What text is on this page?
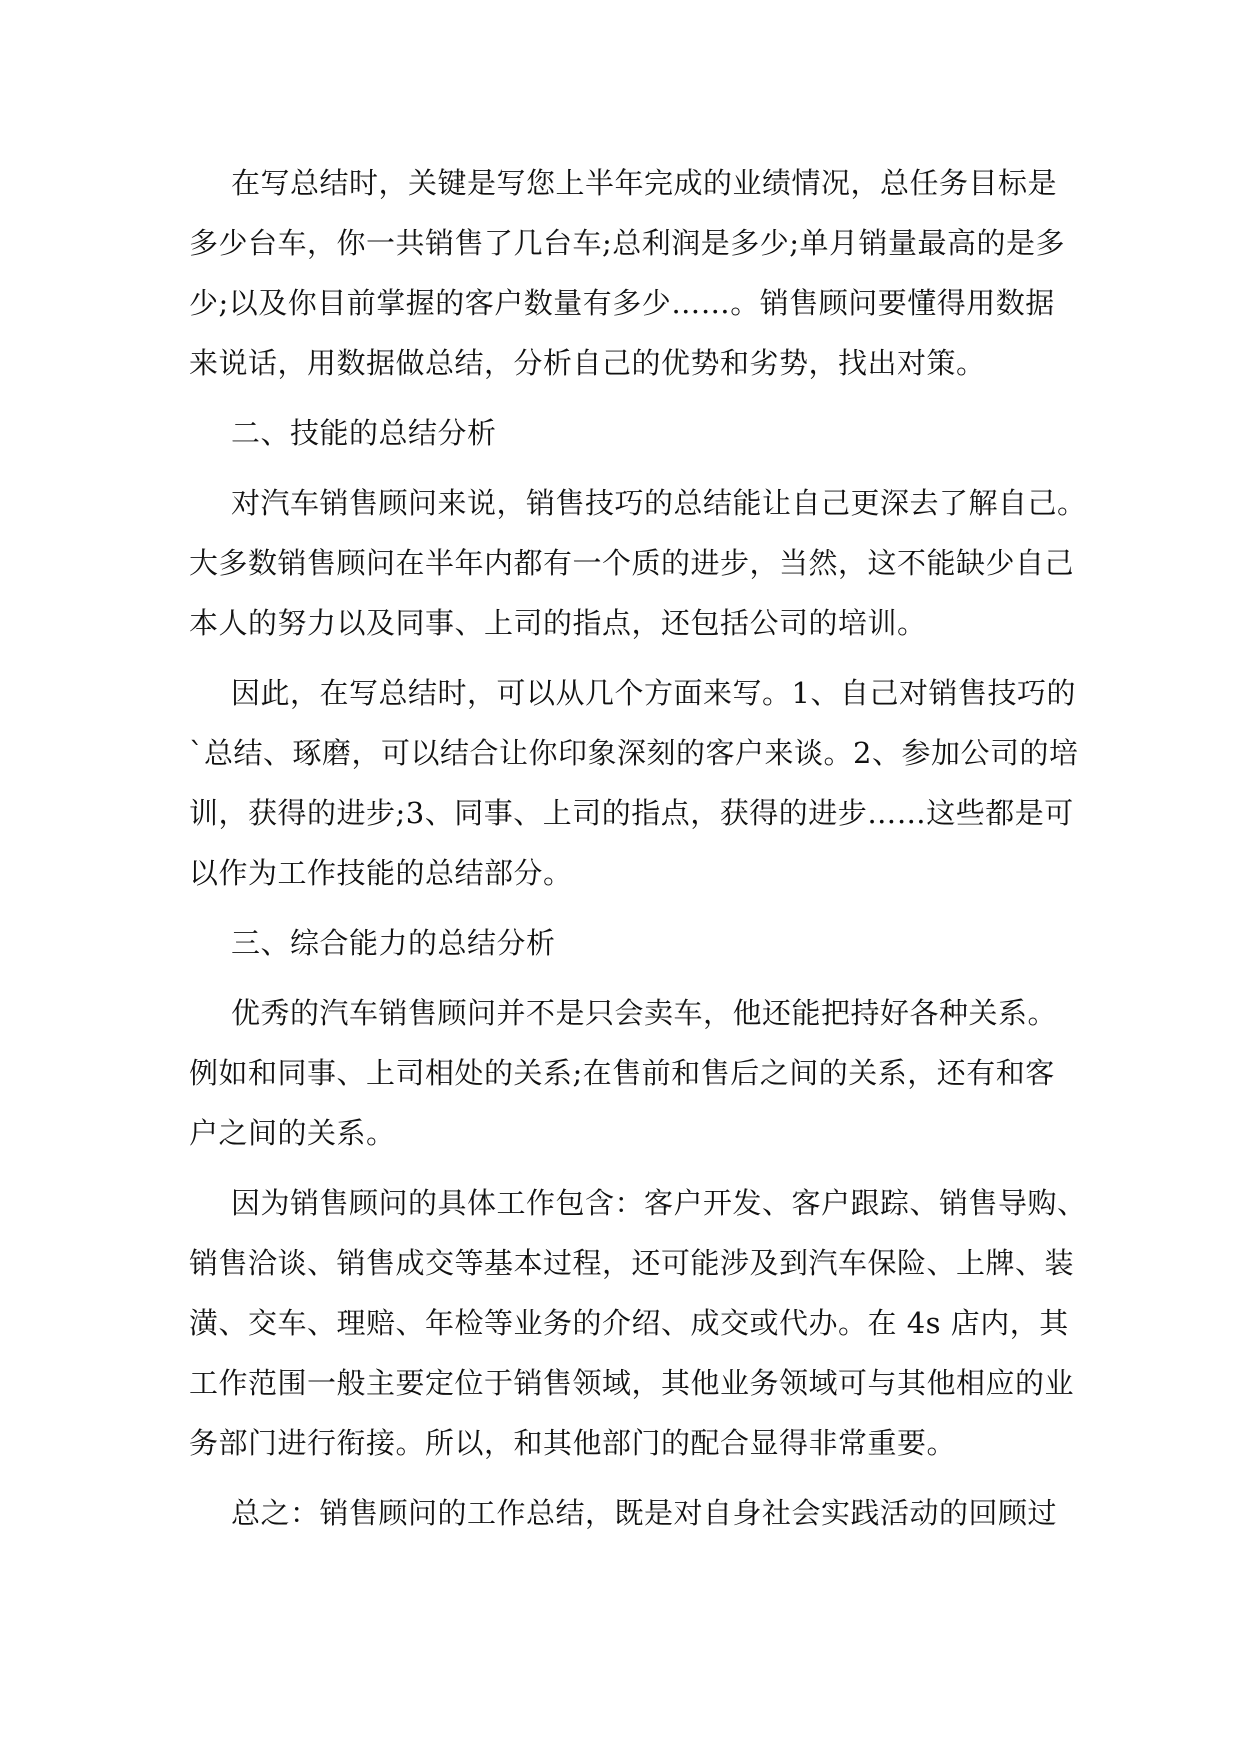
在写总结时，关键是写您上半年完成的业绩情况，总任务目标是
多少台车，你一共销售了几台车;总利润是多少;单月销量最高的是多
少;以及你目前掌握的客户数量有多少……。销售顾问要懂得用数据
来说话，用数据做总结，分析自己的优势和劣势，找出对策。

二、技能的总结分析

对汽车销售顾问来说，销售技巧的总结能让自己更深去了解自己。
大多数销售顾问在半年内都有一个质的进步，当然，这不能缺少自己
本人的努力以及同事、上司的指点，还包括公司的培训。

因此，在写总结时，可以从几个方面来写。1、自己对销售技巧的
`总结、琢磨，可以结合让你印象深刻的客户来谈。2、参加公司的培
训，获得的进步;3、同事、上司的指点，获得的进步……这些都是可
以作为工作技能的总结部分。

三、综合能力的总结分析

优秀的汽车销售顾问并不是只会卖车，他还能把持好各种关系。
例如和同事、上司相处的关系;在售前和售后之间的关系，还有和客
户之间的关系。

因为销售顾问的具体工作包含：客户开发、客户跟踪、销售导购、
销售洽谈、销售成交等基本过程，还可能涉及到汽车保险、上牌、装
潢、交车、理赔、年检等业务的介绍、成交或代办。在 4s 店内，其
工作范围一般主要定位于销售领域，其他业务领域可与其他相应的业
务部门进行衔接。所以，和其他部门的配合显得非常重要。

总之：销售顾问的工作总结，既是对自身社会实践活动的回顾过
